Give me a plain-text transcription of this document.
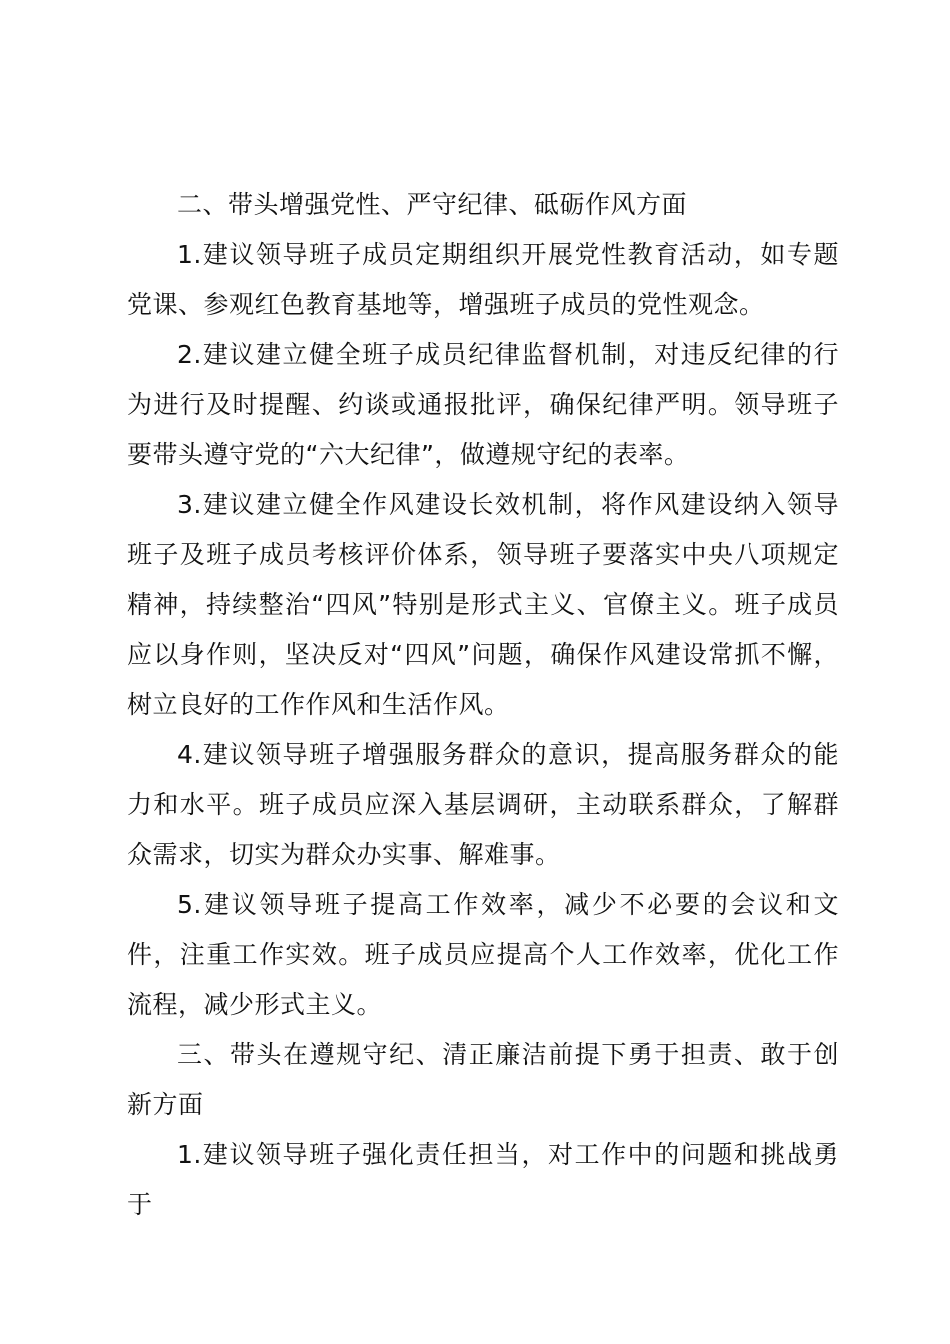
二、带头增强党性、严守纪律、砥砺作风方面

1.建议领导班子成员定期组织开展党性教育活动，如专题党课、参观红色教育基地等，增强班子成员的党性观念。

2.建议建立健全班子成员纪律监督机制，对违反纪律的行为进行及时提醒、约谈或通报批评，确保纪律严明。领导班子要带头遵守党的“六大纪律”，做遵规守纪的表率。

3.建议建立健全作风建设长效机制，将作风建设纳入领导班子及班子成员考核评价体系，领导班子要落实中央八项规定精神，持续整治“四风”特别是形式主义、官僚主义。班子成员应以身作则，坚决反对“四风”问题，确保作风建设常抓不懈，树立良好的工作作风和生活作风。

4.建议领导班子增强服务群众的意识，提高服务群众的能力和水平。班子成员应深入基层调研，主动联系群众，了解群众需求，切实为群众办实事、解难事。

5.建议领导班子提高工作效率，减少不必要的会议和文件，注重工作实效。班子成员应提高个人工作效率，优化工作流程，减少形式主义。

三、带头在遵规守纪、清正廉洁前提下勇于担责、敢于创新方面

1.建议领导班子强化责任担当，对工作中的问题和挑战勇于
